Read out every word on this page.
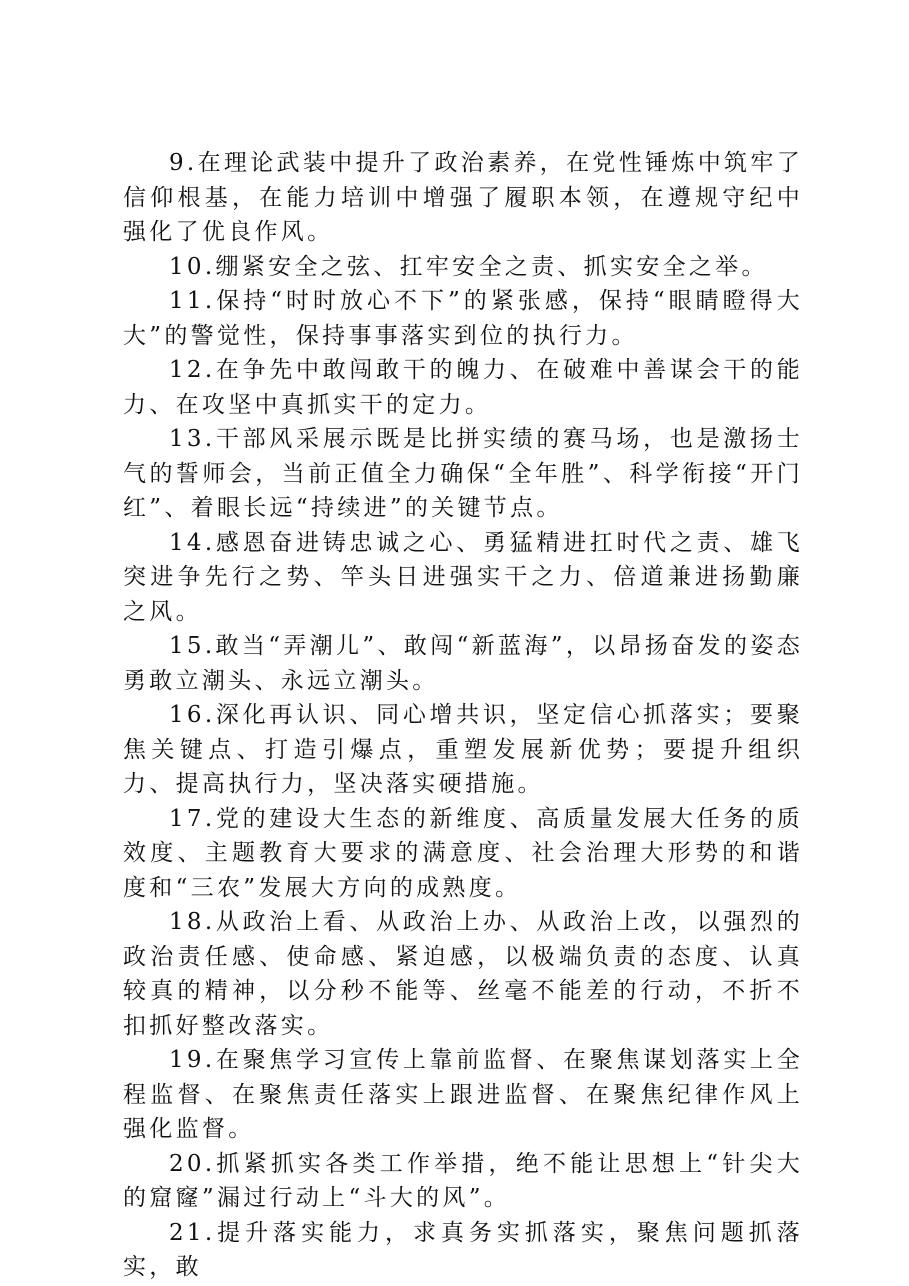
9.在理论武装中提升了政治素养，在党性锤炼中筑牢了信仰根基，在能力培训中增强了履职本领，在遵规守纪中强化了优良作风。

10.绷紧安全之弦、扛牢安全之责、抓实安全之举。

11.保持“时时放心不下”的紧张感，保持“眼睛瞪得大大”的警觉性，保持事事落实到位的执行力。

12.在争先中敢闯敢干的魄力、在破难中善谋会干的能力、在攻坚中真抓实干的定力。

13.干部风采展示既是比拼实绩的赛马场，也是激扬士气的誓师会，当前正值全力确保“全年胜”、科学衔接“开门红”、着眼长远“持续进”的关键节点。

14.感恩奋进铸忠诚之心、勇猛精进扛时代之责、雄飞突进争先行之势、竿头日进强实干之力、倍道兼进扬勤廉之风。

15.敢当“弄潮儿”、敢闯“新蓝海”，以昂扬奋发的姿态勇敢立潮头、永远立潮头。

16.深化再认识、同心增共识，坚定信心抓落实；要聚焦关键点、打造引爆点，重塑发展新优势；要提升组织力、提高执行力，坚决落实硬措施。

17.党的建设大生态的新维度、高质量发展大任务的质效度、主题教育大要求的满意度、社会治理大形势的和谐度和“三农”发展大方向的成熟度。

18.从政治上看、从政治上办、从政治上改，以强烈的政治责任感、使命感、紧迫感，以极端负责的态度、认真较真的精神，以分秒不能等、丝毫不能差的行动，不折不扣抓好整改落实。

19.在聚焦学习宣传上靠前监督、在聚焦谋划落实上全程监督、在聚焦责任落实上跟进监督、在聚焦纪律作风上强化监督。

20.抓紧抓实各类工作举措，绝不能让思想上“针尖大的窟窿”漏过行动上“斗大的风”。

21.提升落实能力，求真务实抓落实，聚焦问题抓落实，敢
